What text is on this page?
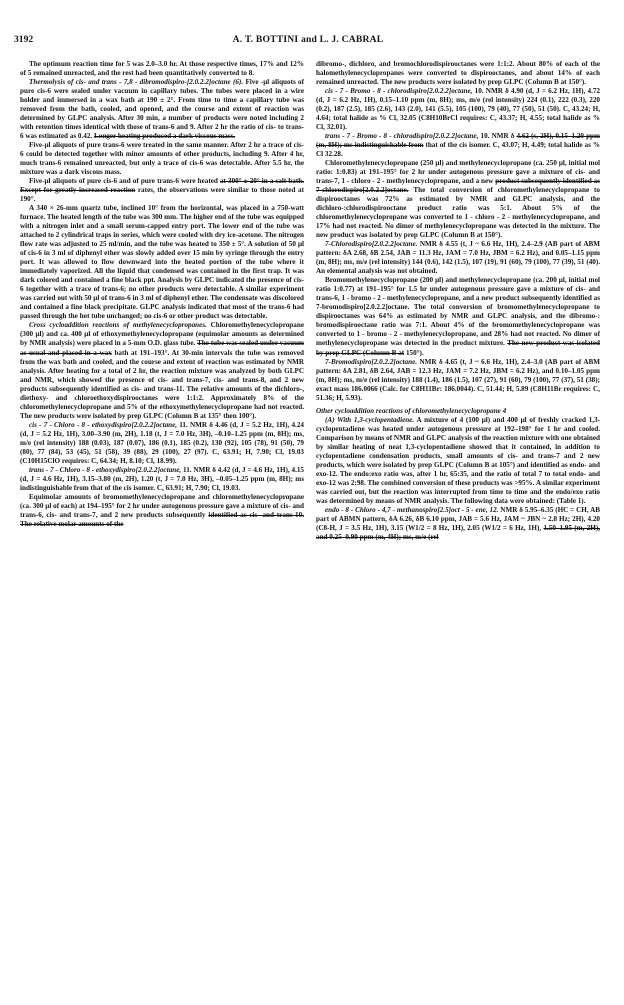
3192	A. T. BOTTINI and L. J. CABRAL

The optimum reaction time for 5 was 2.0–3.0 hr. At those respective times, 17% and 12% of 5 remained unreacted, and the rest had been quantitatively converted to 8.

Thermolysis of cis- and trans - 7,8 - dibromodispiro-[2.0.2.2]octane (6). Five -μl aliquots of pure cis-6 were sealed under vacuum in capillary tubes. The tubes were placed in a wire holder and immersed in a wax bath at 190 ± 2°. From time to time a capillary tube was removed from the bath, cooled, and opened, and the course and extent of reaction was determined by GLPC analysis. After 30 min, a number of products were noted including 2 with retention times identical with those of trans-6 and 9. After 2 hr the ratio of cis- to trans-6 was estimated as 0.42. Longer heating produced a dark viscous mass.

Five-μl aliquots of pure trans-6 were treated in the same manner. After 2 hr a trace of cis-6 could be detected together with minor amounts of other products, including 9. After 4 hr, much trans-6 remained unreacted, but only a trace of cis-6 was detectable. After 5.5 hr, the mixture was a dark viscous mass.

Five-μl aliquots of pure cis-6 and of pure trans-6 were heated at 300° ± 20° in a salt bath. Except for greatly increased reaction rates, the observations were similar to those noted at 190°.

A 340 × 26-mm quartz tube, inclined 10° from the horizontal, was placed in a 750-watt furnace. The heated length of the tube was 300 mm. The higher end of the tube was equipped with a nitrogen inlet and a small serum-capped entry port. The lower end of the tube was attached to 2 cylindrical traps in series, which were cooled with dry ice-acetone. The nitrogen flow rate was adjusted to 25 ml/min, and the tube was heated to 350 ± 5°. A solution of 50 μl of cis-6 in 3 ml of diphenyl ether was slowly added over 15 min by syringe through the entry port. It was allowed to flow downward into the heated portion of the tube where it immediately vaporized. All the liquid that condensed was contained in the first trap. It was dark colored and contained a fine black ppt. Analysis by GLPC indicated the presence of cis-6 together with a trace of trans-6; no other products were detectable. A similar experiment was carried out with 50 μl of trans-6 in 3 ml of diphenyl ether. The condensate was discolored and contained a fine black precipitate. GLPC analysis indicated that most of the trans-6 had passed through the hot tube unchanged; no cis-6 or other product was detectable.

Cross cycloaddition reactions of methylenecyclopropanes. Chloromethylenecyclopropane (300 μl) and ca. 400 μl of ethoxymethylenecyclopropane (equimolar amounts as determined by NMR analysis) were placed in a 5-mm O.D. glass tube. The tube was sealed under vacuum as usual and placed in a wax bath at 191–193°. At 30-min intervals the tube was removed from the wax bath and cooled, and the course and extent of reaction was estimated by NMR analysis. After heating for a total of 2 hr, the reaction mixture was analyzed by both GLPC and NMR, which showed the presence of cis- and trans-7, cis- and trans-8, and 2 new products subsequently identified as cis- and trans-11. The relative amounts of the dichloro-, diethoxy- and chloroethoxydispirooctanes were 1:1:2. Approximately 8% of the chloromethylenecyclopropane and 5% of the ethoxymethylenecyclopropane had not reacted. The new products were isolated by prep GLPC (Column B at 135° then 100°).

cis - 7 - Chloro - 8 - ethoxydispiro[2.0.2.2]octane, 11. NMR δ 4.46 (d, J = 5.2 Hz, 1H), 4.24 (d, J = 5.2 Hz, 1H), 3.00–3.90 (m, 2H), 1.18 (t, J = 7.0 Hz, 3H), –0.10–1.25 ppm (m, 8H); ms, m/e (rel intensity) 188 (0.03), 187 (0.07), 186 (0.1), 185 (0.2), 130 (92), 105 (78), 91 (50), 79 (80), 77 (84), 53 (45), 51 (58), 39 (88), 29 (100), 27 (97). C, 63.91; H, 7.90; Cl, 19.03 (C10H15ClO requires: C, 64.34; H, 8.10; Cl, 18.99).

trans - 7 - Chloro - 8 - ethoxydispiro[2.0.2.2]octane, 11. NMR δ 4.42 (d, J = 4.6 Hz, 1H), 4.15 (d, J = 4.6 Hz, 1H), 3.15–3.80 (m, 2H), 1.20 (t, J = 7.0 Hz, 3H), –0.05–1.25 ppm (m, 8H); ms indistinguishable from that of the cis isomer. C, 63.91; H, 7.90; Cl, 19.03.

Equimolar amounts of bromomethylenecyclopropane and chloromethylenecyclopropane (ca. 300 μl of each) at 194–195° for 2 hr under autogenous pressure gave a mixture of cis- and trans-6, cis- and trans-7, and 2 new products subsequently identified as cis- and trans-10. The relative molar amounts of the

dibromo-, dichloro, and bromochlorodispirooctanes were 1:1:2. About 80% of each of the halomethylenecyclopropanes were converted to dispirooctanes, and about 14% of each remained unreacted. The new products were isolated by prep GLPC (Column B at 150°).

cis - 7 - Bromo - 8 - chlorodispiro[2.0.2.2]octane, 10. NMR δ 4.90 (d, J = 6.2 Hz, 1H), 4.72 (d, J = 6.2 Hz, 1H), 0.15–1.10 ppm (m, 8H); ms, m/e (rel intensity) 224 (0.1), 222 (0.3), 220 (0.2), 187 (2.5), 185 (2.6), 143 (2.0), 141 (5.5), 105 (100), 79 (40), 77 (50), 51 (50). C, 43.24; H, 4.64; total halide as % Cl, 32.05 (C8H10BrCl requires: C, 43.37; H, 4.55; total halide as % Cl, 32.01).

trans - 7 - Bromo - 8 - chlorodispiro[2.0.2.2]octane, 10. NMR δ 4.62 (s, 2H), 0.15–1.20 ppm (m, 8H); ms indistinguishable from that of the cis isomer. C, 43.07; H, 4.49; total halide as % Cl 32.28.

Chloromethylenecyclopropane (250 μl) and methylenecyclopropane (ca. 250 μl, initial mol ratio: 1:0.83) at 191–195° for 2 hr under autogenous pressure gave a mixture of cis- and trans-7, 1 - chloro - 2 - methylenecyclopropane, and a new product subsequently identified as 7-chlorodispiro[2.0.2.2]octane. The total conversion of chloromethylenecyclopropane to dispirooctanes was 72% as estimated by NMR and GLPC analysis, and the dichloro-:chlorodispirooctane product ratio was 5:1. About 5% of the chloromethylenecyclopropane was converted to 1 - chloro - 2 - methylenecyclopropane, and 17% had not reacted. No dimer of methylenecyclopropane was detected in the mixture. The new product was isolated by prep GLPC (Column B at 150°).

7-Chlorodispiro[2.0.2.2]octane. NMR δ 4.55 (t, J ~ 6.6 Hz, 1H), 2.4–2.9 (AB part of ABM pattern: δA 2.68, δB 2.54, JAB = 11.3 Hz, JAM = 7.0 Hz, JBM = 6.2 Hz), and 0.05–1.15 ppm (m, 8H); ms, m/e (rel intensity) 144 (0.6), 142 (1.5), 107 (19), 91 (60), 79 (100), 77 (39), 51 (40). An elemental analysis was not obtained.

Bromomethylenecyclopropane (200 μl) and methylenecyclopropane (ca. 200 μl, initial mol ratio 1:0.77) at 191–195° for 1.5 hr under autogenous pressure gave a mixture of cis- and trans-6, 1 - bromo - 2 - methylenecyclopropane, and a new product subsequently identified as 7-bromodispiro[2.0.2.2]octane. The total conversion of bromomethylenecyclopropane to dispirooctanes was 64% as estimated by NMR and GLPC analysis, and the dibromo-: bromodispirooctane ratio was 7:1. About 4% of the bromomethylenecyclopropane was converted to 1 - bromo - 2 - methylenecyclopropane, and 28% had not reacted. No dimer of methylenecyclopropane was detected in the product mixture. The new product was isolated by prep GLPC (Column B at 150°).

7-Bromodispiro[2.0.2.2]octane. NMR δ 4.65 (t, J ~ 6.6 Hz, 1H), 2.4–3.0 (AB part of ABM pattern: δA 2.81, δB 2.64, JAB = 12.3 Hz, JAM = 7.2 Hz, JBM = 6.2 Hz), and 0.10–1.05 ppm (m, 8H); ms, m/e (rel intensity) 188 (1.4), 186 (1.5), 107 (27), 91 (60), 79 (100), 77 (37), 51 (38); exact mass 186.0066 (Calc. for C8H11Br: 186.0044). C, 51.44; H, 5.89 (C8H11Br requires: C, 51.36; H, 5.93).

Other cycloaddition reactions of chloromethylenecyclopropane 4

(A) With 1,3-cyclopentadiene. A mixture of 4 (100 μl) and 400 μl of freshly cracked 1,3-cyclopentadiene was heated under autogenous pressure at 192–198° for 1 hr and cooled. Comparison by means of NMR and GLPC analysis of the reaction mixture with one obtained by similar heating of neat 1,3-cyclopentadiene showed that it contained, in addition to cyclopentadiene condensation products, small amounts of cis- and trans-7 and 2 new products, which were isolated by prep GLPC (Column B at 105°) and identified as endo- and exo-12. The endo:exo ratio was, after 1 hr, 65:35, and the ratio of total 7 to total endo- and exo-12 was 2:98. The combined conversion of these products was >95%. A similar experiment was carried out, but the reaction was interrupted from time to time and the endo/exo ratio was determined by means of NMR analysis. The following data were obtained: (Table 1).

endo - 8 - Chloro - 4,7 - methanospiro[2.5]oct - 5 - ene, 12. NMR δ 5.95–6.35 (HC = CH, AB part of ABMN pattern, δA 6.26, δB 6.10 ppm, JAB = 5.6 Hz, JAM ~ JBN ~ 2.8 Hz; 2H), 4.20 (C8-H, J = 3.5 Hz, 1H), 3.15 (W1/2 = 8 Hz, 1H), 2.05 (W1/2 = 6 Hz, 1H), 1.50–1.95 (m, 2H), and 0.25–0.90 ppm (m, 4H); ms, m/e (rel
